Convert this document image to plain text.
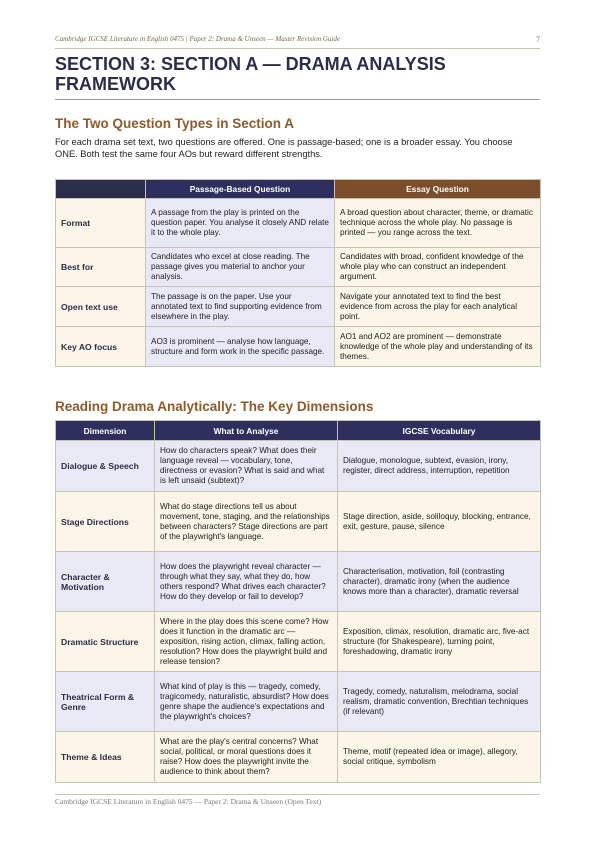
Cambridge IGCSE Literature in English 0475 | Paper 2: Drama & Unseen — Master Revision Guide	7
SECTION 3: SECTION A — DRAMA ANALYSIS FRAMEWORK
The Two Question Types in Section A

For each drama set text, two questions are offered. One is passage-based; one is a broader essay. You choose ONE. Both test the same four AOs but reward different strengths.

	Passage-Based Question	Essay Question
Format	A passage from the play is printed on the question paper. You analyse it closely AND relate it to the whole play.	A broad question about character, theme, or dramatic technique across the whole play. No passage is printed — you range across the text.
Best for	Candidates who excel at close reading. The passage gives you material to anchor your analysis.	Candidates with broad, confident knowledge of the whole play who can construct an independent argument.
Open text use	The passage is on the paper. Use your annotated text to find supporting evidence from elsewhere in the play.	Navigate your annotated text to find the best evidence from across the play for each analytical point.
Key AO focus	AO3 is prominent — analyse how language, structure and form work in the specific passage.	AO1 and AO2 are prominent — demonstrate knowledge of the whole play and understanding of its themes.
Reading Drama Analytically: The Key Dimensions
Dimension	What to Analyse	IGCSE Vocabulary
Dialogue & Speech	How do characters speak? What does their language reveal — vocabulary, tone, directness or evasion? What is said and what is left unsaid (subtext)?	Dialogue, monologue, subtext, evasion, irony, register, direct address, interruption, repetition
Stage Directions	What do stage directions tell us about movement, tone, staging, and the relationships between characters? Stage directions are part of the playwright's language.	Stage direction, aside, soliloquy, blocking, entrance, exit, gesture, pause, silence
Character & Motivation	How does the playwright reveal character — through what they say, what they do, how others respond? What drives each character? How do they develop or fail to develop?	Characterisation, motivation, foil (contrasting character), dramatic irony (when the audience knows more than a character), dramatic reversal
Dramatic Structure	Where in the play does this scene come? How does it function in the dramatic arc — exposition, rising action, climax, falling action, resolution? How does the playwright build and release tension?	Exposition, climax, resolution, dramatic arc, five-act structure (for Shakespeare), turning point, foreshadowing, dramatic irony
Theatrical Form & Genre	What kind of play is this — tragedy, comedy, tragicomedy, naturalistic, absurdist? How does genre shape the audience's expectations and the playwright's choices?	Tragedy, comedy, naturalism, melodrama, social realism, dramatic convention, Brechtian techniques (if relevant)
Theme & Ideas	What are the play's central concerns? What social, political, or moral questions does it raise? How does the playwright invite the audience to think about them?	Theme, motif (repeated idea or image), allegory, social critique, symbolism
Cambridge IGCSE Literature in English 0475 — Paper 2: Drama & Unseen (Open Text)
